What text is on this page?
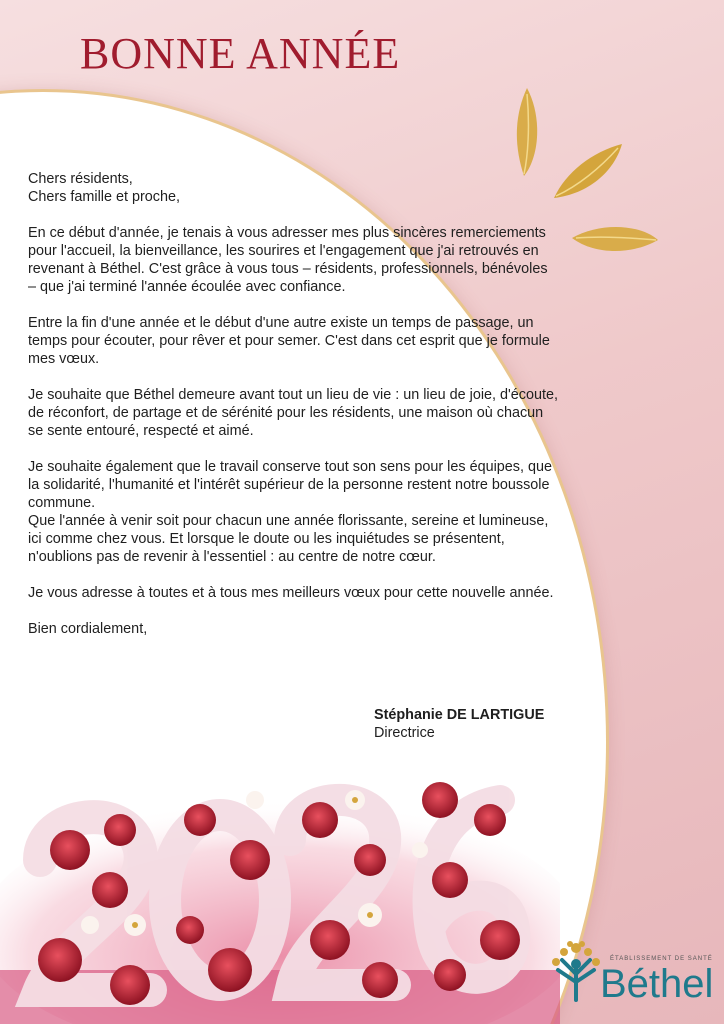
BONNE ANNÉE

Chers résidents,

Chers famille et proche,

En ce début d'année, je tenais à vous adresser mes plus sincères remerciements pour l'accueil, la bienveillance, les sourires et l'engagement que j'ai retrouvés en revenant à Béthel. C'est grâce à vous tous – résidents, professionnels, bénévoles – que j'ai terminé l'année écoulée avec confiance.

Entre la fin d'une année et le début d'une autre existe un temps de passage, un temps pour écouter, pour rêver et pour semer. C'est dans cet esprit que je formule mes vœux.

Je souhaite que Béthel demeure avant tout un lieu de vie : un lieu de joie, d'écoute, de réconfort, de partage et de sérénité pour les résidents, une maison où chacun se sente entouré, respecté et aimé.

Je souhaite également que le travail conserve tout son sens pour les équipes, que la solidarité, l'humanité et l'intérêt supérieur de la personne restent notre boussole commune.

Que l'année à venir soit pour chacun une année florissante, sereine et lumineuse, ici comme chez vous. Et lorsque le doute ou les inquiétudes se présentent, n'oublions pas de revenir à l'essentiel : au centre de notre cœur.

Je vous adresse à toutes et à tous mes meilleurs vœux pour cette nouvelle année.

Bien cordialement,

Stéphanie DE LARTIGUE
Directrice
ÉTABLISSEMENT DE SANTÉ
Béthel
